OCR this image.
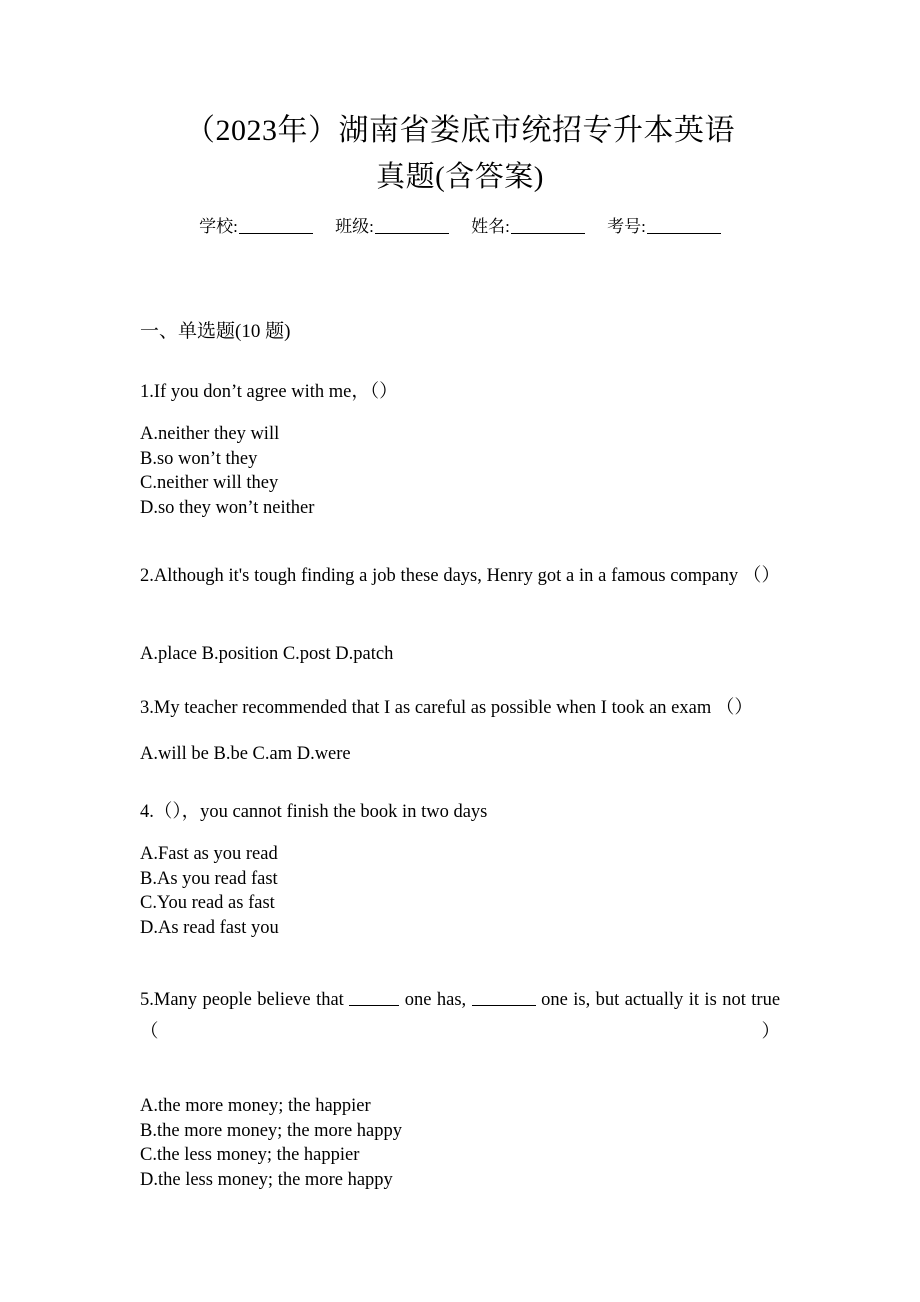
（2023年）湖南省娄底市统招专升本英语
真题(含答案)
学校:	班级:	姓名:	考号:
一、单选题(10 题)
1.If you don’t agree with me，（）
A.neither they will
B.so won’t they
C.neither will they
D.so they won’t neither
2.Although it's tough finding a job these days, Henry got a in a famous company （）
A.place B.position C.post D.patch
3.My teacher recommended that I as careful as possible when I took an exam （）
A.will be B.be C.am D.were
4.（），you cannot finish the book in two days
A.Fast as you read
B.As you read fast
C.You read as fast
D.As read fast you
5.Many people believe that	one has,	one is, but actually it is not true （）
A.the more money; the happier
B.the more money; the more happy
C.the less money; the happier
D.the less money; the more happy
